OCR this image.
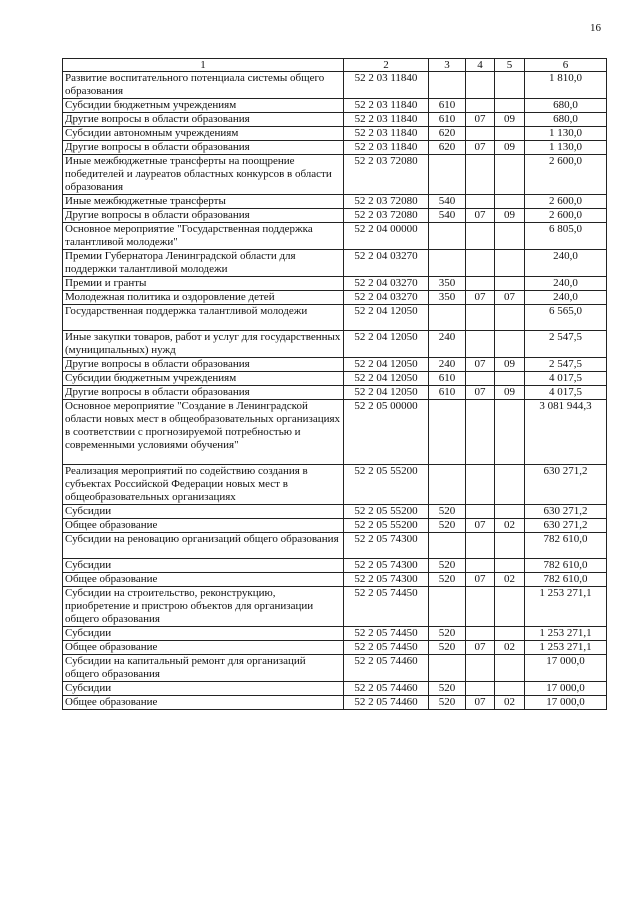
16
1	2	3	4	5	6
Развитие воспитательного потенциала системы общего образования	52 2 03 11840				1 810,0
Субсидии бюджетным учреждениям	52 2 03 11840	610			680,0
Другие вопросы в области образования	52 2 03 11840	610	07	09	680,0
Субсидии автономным учреждениям	52 2 03 11840	620			1 130,0
Другие вопросы в области образования	52 2 03 11840	620	07	09	1 130,0
Иные межбюджетные трансферты на поощрение победителей и лауреатов областных конкурсов в области образования	52 2 03 72080				2 600,0
Иные межбюджетные трансферты	52 2 03 72080	540			2 600,0
Другие вопросы в области образования	52 2 03 72080	540	07	09	2 600,0
Основное мероприятие "Государственная поддержка талантливой молодежи"	52 2 04 00000				6 805,0
Премии Губернатора Ленинградской области для поддержки талантливой молодежи	52 2 04 03270				240,0
Премии и гранты	52 2 04 03270	350			240,0
Молодежная политика и оздоровление детей	52 2 04 03270	350	07	07	240,0
Государственная поддержка талантливой молодежи	52 2 04 12050				6 565,0
Иные закупки товаров, работ и услуг для государственных (муниципальных) нужд	52 2 04 12050	240			2 547,5
Другие вопросы в области образования	52 2 04 12050	240	07	09	2 547,5
Субсидии бюджетным учреждениям	52 2 04 12050	610			4 017,5
Другие вопросы в области образования	52 2 04 12050	610	07	09	4 017,5
Основное мероприятие "Создание в Ленинградской области новых мест в общеобразовательных организациях в соответствии с прогнозируемой потребностью и современными условиями обучения"	52 2 05 00000				3 081 944,3
Реализация мероприятий по содействию создания в субъектах Российской Федерации новых мест в общеобразовательных организациях	52 2 05 55200				630 271,2
Субсидии	52 2 05 55200	520			630 271,2
Общее образование	52 2 05 55200	520	07	02	630 271,2
Субсидии на реновацию организаций общего образования	52 2 05 74300				782 610,0
Субсидии	52 2 05 74300	520			782 610,0
Общее образование	52 2 05 74300	520	07	02	782 610,0
Субсидии на строительство, реконструкцию, приобретение и пристрою объектов для организации общего образования	52 2 05 74450				1 253 271,1
Субсидии	52 2 05 74450	520			1 253 271,1
Общее образование	52 2 05 74450	520	07	02	1 253 271,1
Субсидии на капитальный ремонт для организаций общего образования	52 2 05 74460				17 000,0
Субсидии	52 2 05 74460	520			17 000,0
Общее образование	52 2 05 74460	520	07	02	17 000,0
